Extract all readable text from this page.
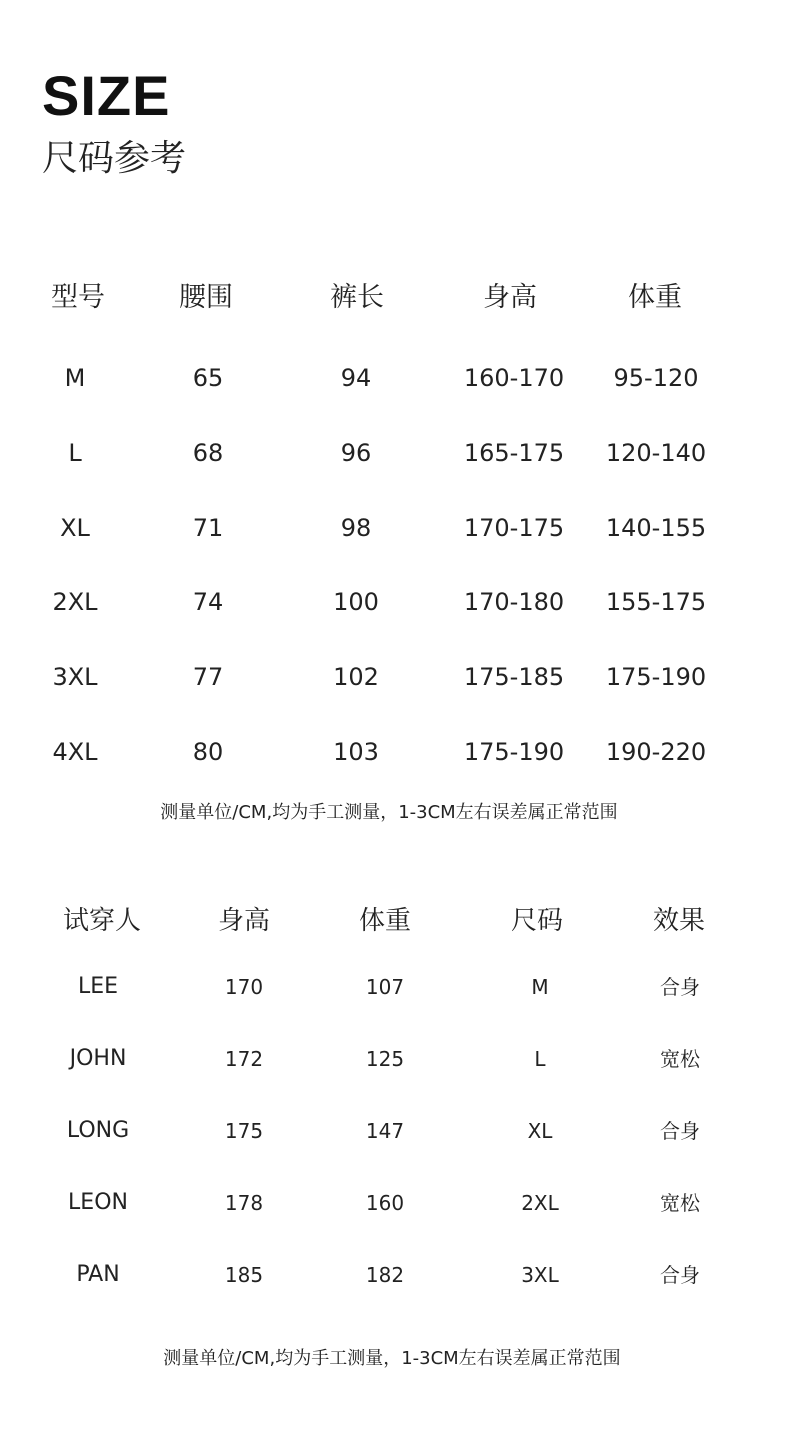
SIZE
尺码参考
型号	腰围	裤长	身高	体重
M	65	94	160-170 95-120
L	68	96	165-175 120-140
XL	71	98	170-175 140-155
2XL	74	100	170-180 155-175
3XL	77	102	175-185 175-190
4XL	80	103	175-190 190-220
测量单位/CM,均为手工测量，1-3CM左右误差属正常范围
试穿人	身高	体重	尺码	效果
LEE	170	107	M	合身
JOHN	172	125	L	宽松
LONG	175	147	XL	合身
LEON	178	160	2XL	宽松
PAN	185	182	3XL	合身
测量单位/CM,均为手工测量，1-3CM左右误差属正常范围
